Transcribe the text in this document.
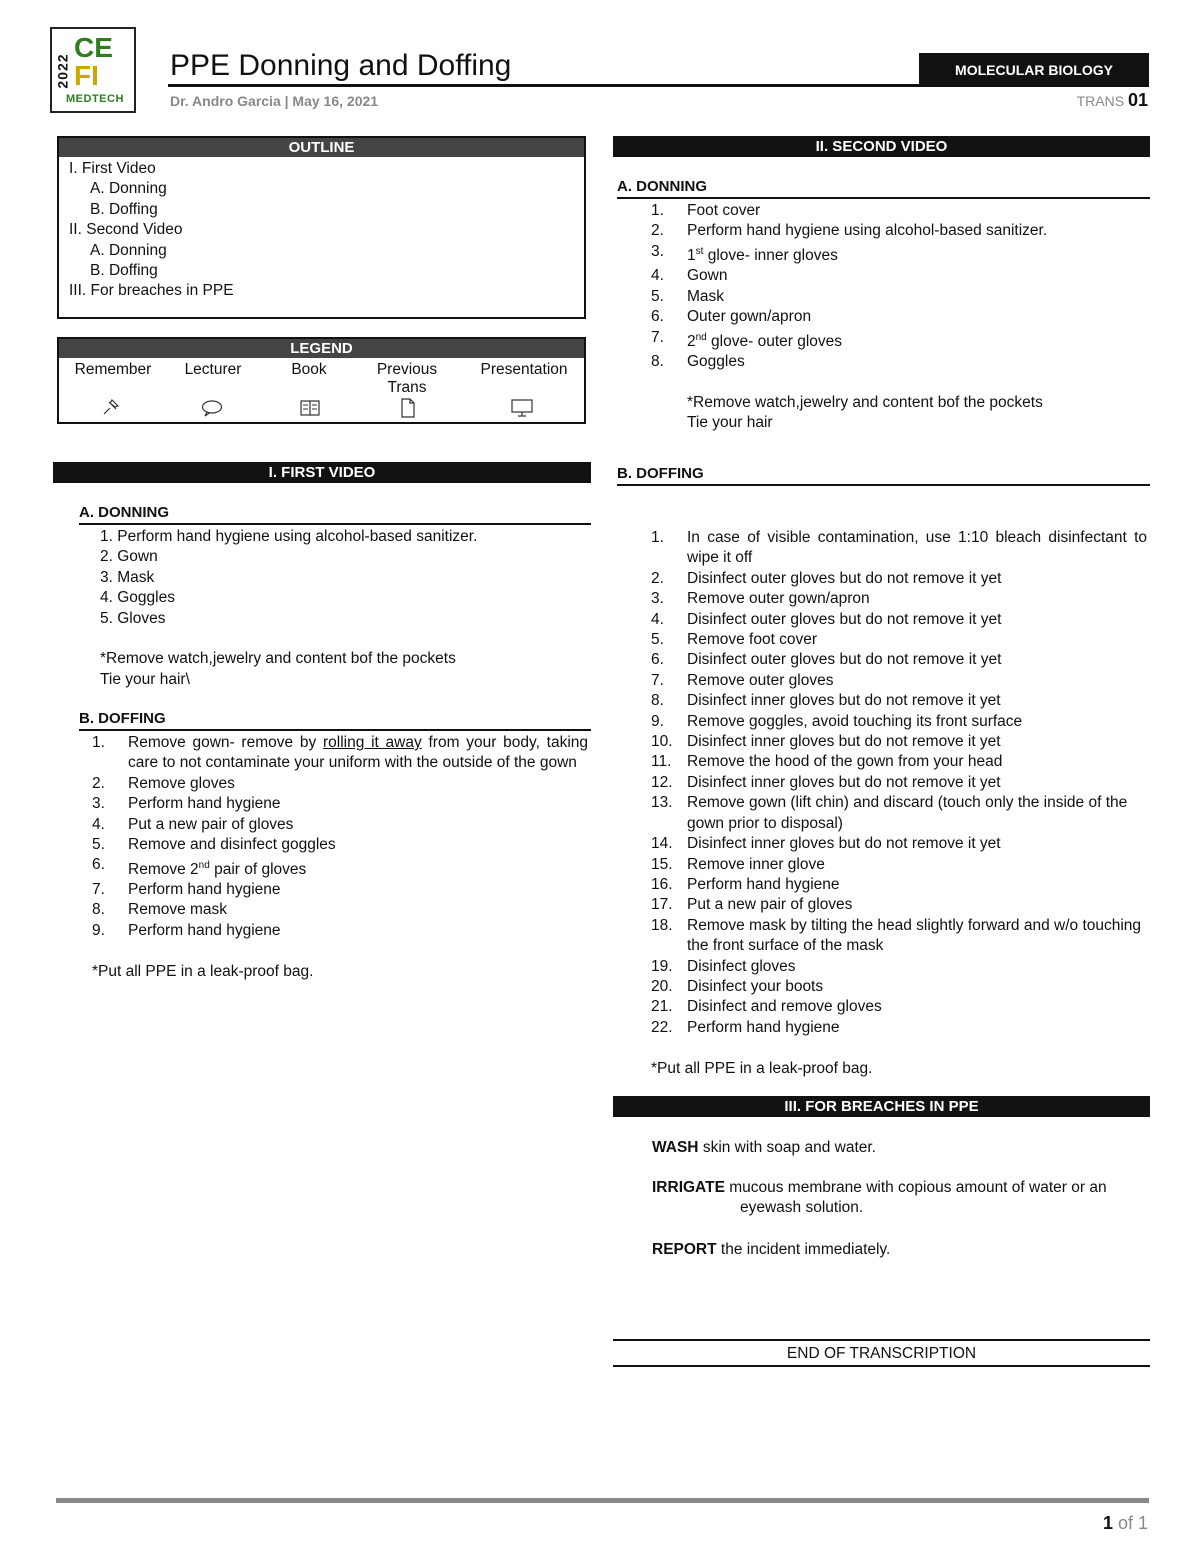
2022
CE
FI
MEDTECH
PPE Donning and Doffing	MOLECULAR BIOLOGY
Dr. Andro Garcia | May 16, 2021	TRANS 01
OUTLINE
I. First Video
A. Donning
B. Doffing
II. Second Video
A. Donning
B. Doffing
III. For breaches in PPE
LEGEND
Remember	Lecturer	Book	Previous Trans
Presentation
I. FIRST VIDEO
A. DONNING
1. Perform hand hygiene using alcohol-based sanitizer.
2. Gown
3. Mask
4. Goggles
5. Gloves
*Remove watch,jewelry and content bof the pockets
Tie your hair\
B. DOFFING
1. Remove gown- remove by rolling it away from your body, taking care to not contaminate your uniform with the outside of the gown
2. Remove gloves
3. Perform hand hygiene
4. Put a new pair of gloves
5. Remove and disinfect goggles
6. Remove 2nd pair of gloves
7. Perform hand hygiene
8. Remove mask
9. Perform hand hygiene
*Put all PPE in a leak-proof bag.
II. SECOND VIDEO
A. DONNING
1. Foot cover
2. Perform hand hygiene using alcohol-based sanitizer.
3. 1st glove- inner gloves
4. Gown
5. Mask
6. Outer gown/apron
7. 2nd glove- outer gloves
8. Goggles
*Remove watch,jewelry and content bof the pockets
Tie your hair
B. DOFFING
1. In case of visible contamination, use 1:10 bleach disinfectant to wipe it off
2. Disinfect outer gloves but do not remove it yet
3. Remove outer gown/apron
4. Disinfect outer gloves but do not remove it yet
5. Remove foot cover
6. Disinfect outer gloves but do not remove it yet
7. Remove outer gloves
8. Disinfect inner gloves but do not remove it yet
9. Remove goggles, avoid touching its front surface
10. Disinfect inner gloves but do not remove it yet
11. Remove the hood of the gown from your head
12. Disinfect inner gloves but do not remove it yet
13. Remove gown (lift chin) and discard (touch only the inside of the gown prior to disposal)
14. Disinfect inner gloves but do not remove it yet
15. Remove inner glove
16. Perform hand hygiene
17. Put a new pair of gloves
18. Remove mask by tilting the head slightly forward and w/o touching the front surface of the mask
19. Disinfect gloves
20. Disinfect your boots
21. Disinfect and remove gloves
22. Perform hand hygiene
*Put all PPE in a leak-proof bag.
III. FOR BREACHES IN PPE
WASH skin with soap and water.
IRRIGATE mucous membrane with copious amount of water or an eyewash solution.
REPORT the incident immediately.
END OF TRANSCRIPTION
1 of 1
